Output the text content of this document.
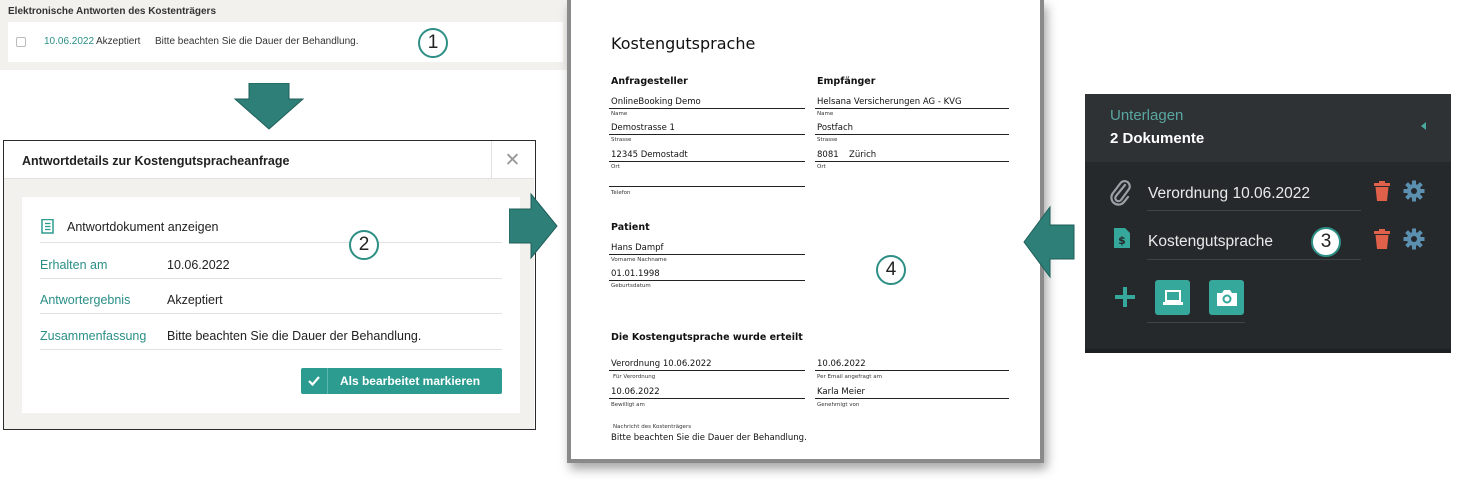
Elektronische Antworten des Kostenträgers
10.06.2022 Akzeptiert Bitte beachten Sie die Dauer der Behandlung.	1
Antwortdetails zur Kostengutspracheanfrage	✕
Antwortdokument anzeigen
Erhalten am	10.06.2022
Antwortergebnis	Akzeptiert
Zusammenfassung Bitte beachten Sie die Dauer der Behandlung.
Als bearbeitet markieren
2
Kostengutsprache
Anfragesteller
OnlineBooking Demo
Name
Demostrasse 1
Strasse
12345 Demostadt
Ort
Telefon
Empfänger
Helsana Versicherungen AG - KVG
Name
Postfach
Strasse
8081 Zürich
Ort
Patient
Hans Dampf
Vorname Nachname
01.01.1998
Geburtsdatum
Die Kostengutsprache wurde erteilt
Verordnung 10.06.2022
Für Verordnung
10.06.2022
Per Email angefragt am
10.06.2022
Bewilligt am
Karla Meier
Genehmigt von
Nachricht des Kostenträgers
Bitte beachten Sie die Dauer der Behandlung.
4
Unterlagen
2 Dokumente
Verordnung 10.06.2022
$ Kostengutsprache	3
